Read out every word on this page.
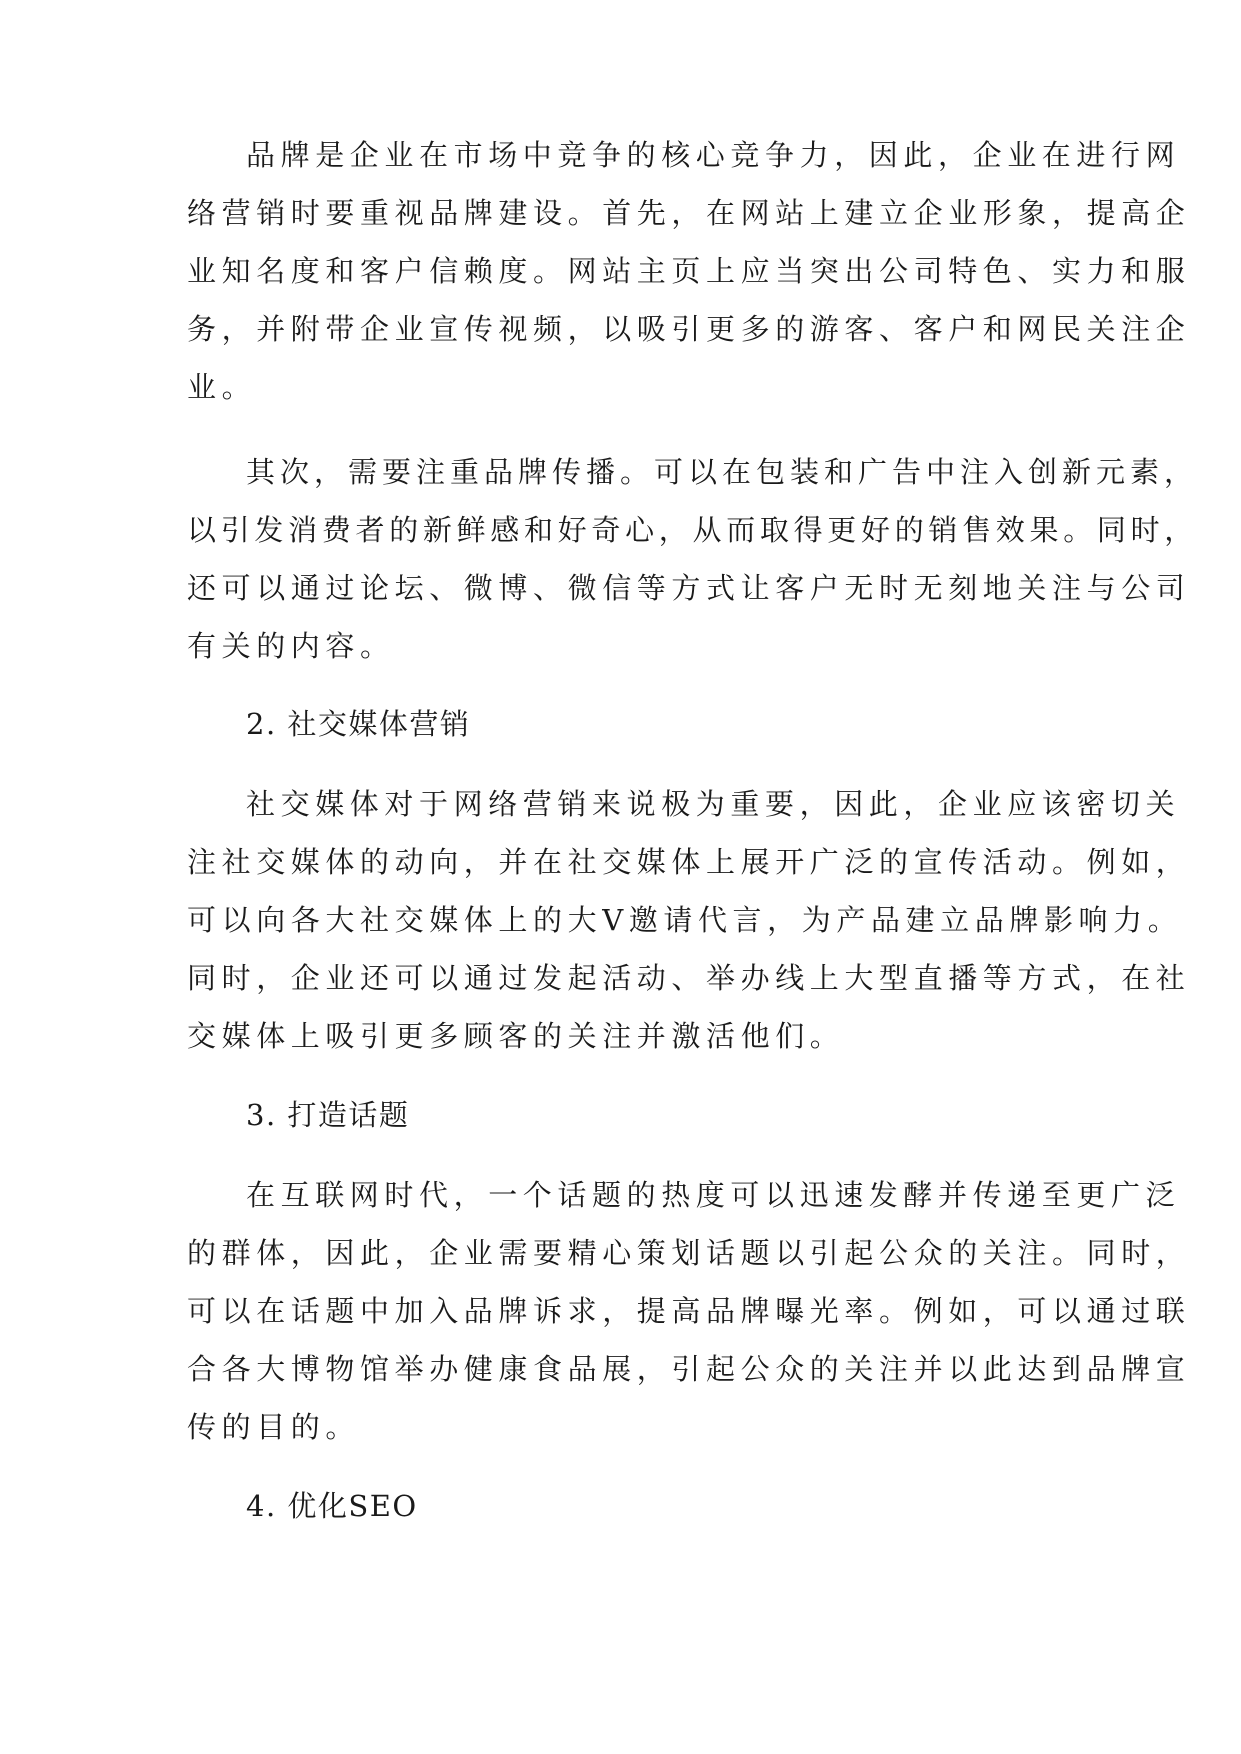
品牌是企业在市场中竞争的核心竞争力，因此，企业在进行网
络营销时要重视品牌建设。首先，在网站上建立企业形象，提高企
业知名度和客户信赖度。网站主页上应当突出公司特色、实力和服
务，并附带企业宣传视频，以吸引更多的游客、客户和网民关注企
业。
其次，需要注重品牌传播。可以在包装和广告中注入创新元素，
以引发消费者的新鲜感和好奇心，从而取得更好的销售效果。同时，
还可以通过论坛、微博、微信等方式让客户无时无刻地关注与公司
有关的内容。
2. 社交媒体营销
社交媒体对于网络营销来说极为重要，因此，企业应该密切关
注社交媒体的动向，并在社交媒体上展开广泛的宣传活动。例如，
可以向各大社交媒体上的大V邀请代言，为产品建立品牌影响力。
同时，企业还可以通过发起活动、举办线上大型直播等方式，在社
交媒体上吸引更多顾客的关注并激活他们。
3. 打造话题
在互联网时代，一个话题的热度可以迅速发酵并传递至更广泛
的群体，因此，企业需要精心策划话题以引起公众的关注。同时，
可以在话题中加入品牌诉求，提高品牌曝光率。例如，可以通过联
合各大博物馆举办健康食品展，引起公众的关注并以此达到品牌宣
传的目的。
4. 优化SEO
